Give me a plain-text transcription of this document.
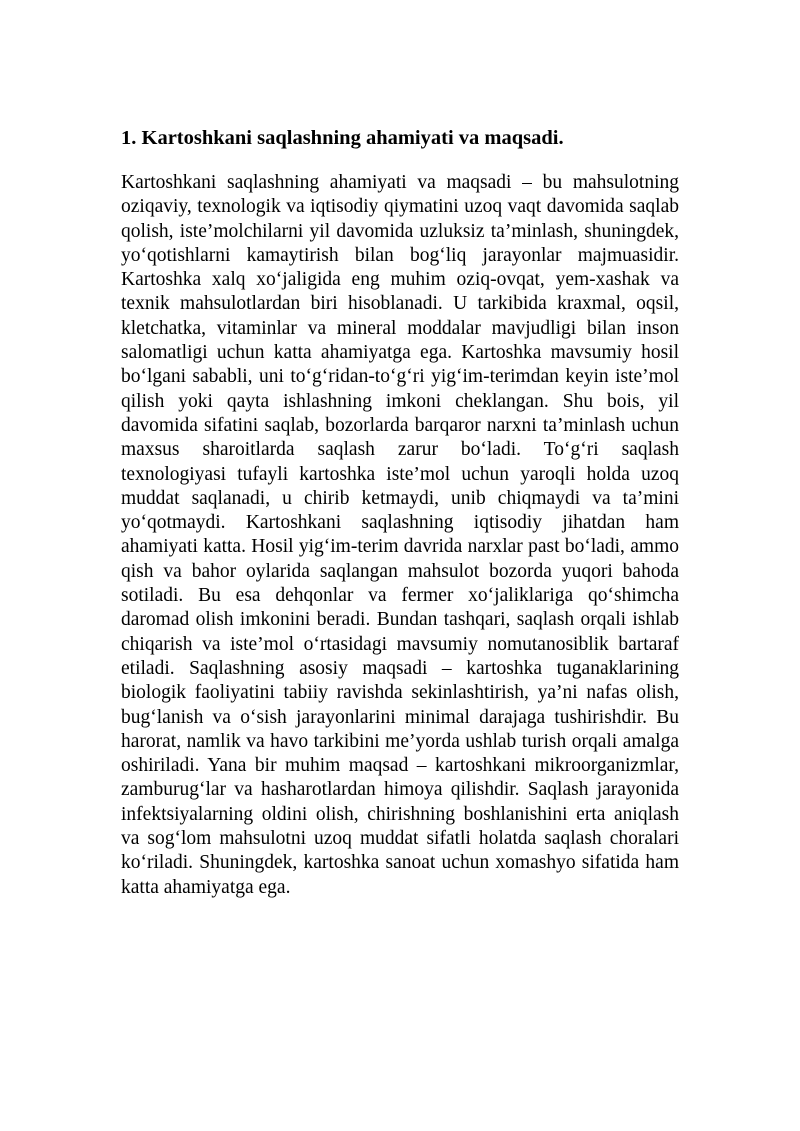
1. Kartoshkani saqlashning ahamiyati va maqsadi.

Kartoshkani saqlashning ahamiyati va maqsadi – bu mahsulotning oziqaviy, texnologik va iqtisodiy qiymatini uzoq vaqt davomida saqlab qolish, iste’molchilarni yil davomida uzluksiz ta’minlash, shuningdek, yo‘qotishlarni kamaytirish bilan bog‘liq jarayonlar majmuasidir. Kartoshka xalq xo‘jaligida eng muhim oziq-ovqat, yem-xashak va texnik mahsulotlardan biri hisoblanadi. U tarkibida kraxmal, oqsil, kletchatka, vitaminlar va mineral moddalar mavjudligi bilan inson salomatligi uchun katta ahamiyatga ega. Kartoshka mavsumiy hosil bo‘lgani sababli, uni to‘g‘ridan-to‘g‘ri yig‘im-terimdan keyin iste’mol qilish yoki qayta ishlashning imkoni cheklangan. Shu bois, yil davomida sifatini saqlab, bozorlarda barqaror narxni ta’minlash uchun maxsus sharoitlarda saqlash zarur bo‘ladi. To‘g‘ri saqlash texnologiyasi tufayli kartoshka iste’mol uchun yaroqli holda uzoq muddat saqlanadi, u chirib ketmaydi, unib chiqmaydi va ta’mini yo‘qotmaydi. Kartoshkani saqlashning iqtisodiy jihatdan ham ahamiyati katta. Hosil yig‘im-terim davrida narxlar past bo‘ladi, ammo qish va bahor oylarida saqlangan mahsulot bozorda yuqori bahoda sotiladi. Bu esa dehqonlar va fermer xo‘jaliklariga qo‘shimcha daromad olish imkonini beradi. Bundan tashqari, saqlash orqali ishlab chiqarish va iste’mol o‘rtasidagi mavsumiy nomutanosiblik bartaraf etiladi. Saqlashning asosiy maqsadi – kartoshka tuganaklarining biologik faoliyatini tabiiy ravishda sekinlashtirish, ya’ni nafas olish, bug‘lanish va o‘sish jarayonlarini minimal darajaga tushirishdir. Bu harorat, namlik va havo tarkibini me’yorda ushlab turish orqali amalga oshiriladi. Yana bir muhim maqsad – kartoshkani mikroorganizmlar, zamburug‘lar va hasharotlardan himoya qilishdir. Saqlash jarayonida infektsiyalarning oldini olish, chirishning boshlanishini erta aniqlash va sog‘lom mahsulotni uzoq muddat sifatli holatda saqlash choralari ko‘riladi. Shuningdek, kartoshka sanoat uchun xomashyo sifatida ham katta ahamiyatga ega.
